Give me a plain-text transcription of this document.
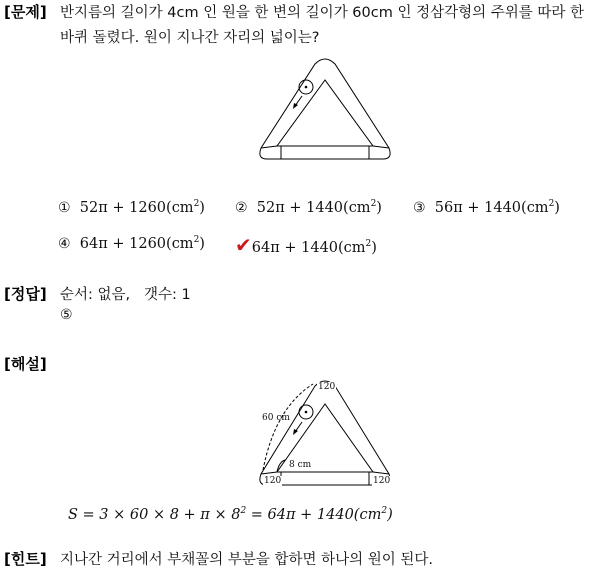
[문제] 반지름의 길이가 4cm 인 원을 한 변의 길이가 60cm 인 정삼각형의 주위를 따라 한
바퀴 돌렸다. 원이 지나간 자리의 넓이는?
① $52\pi + 1260(cm^2)$ ② $52\pi + 1440(cm^2)$ ③ $56\pi + 1440(cm^2)$
④ $64\pi + 1260(cm^2)$ ✔64π + $1440(cm^2)$
[정답] 순서: 없음,   갯수: 1
⑤
[해설]
120
120	120
60 cm
8 cm
$S = 3 \times 60 \times 8 + \pi \times 8^2 = 64\pi + 1440(cm^2)$
[힌트] 지나간 거리에서 부채꼴의 부분을 합하면 하나의 원이 된다.
